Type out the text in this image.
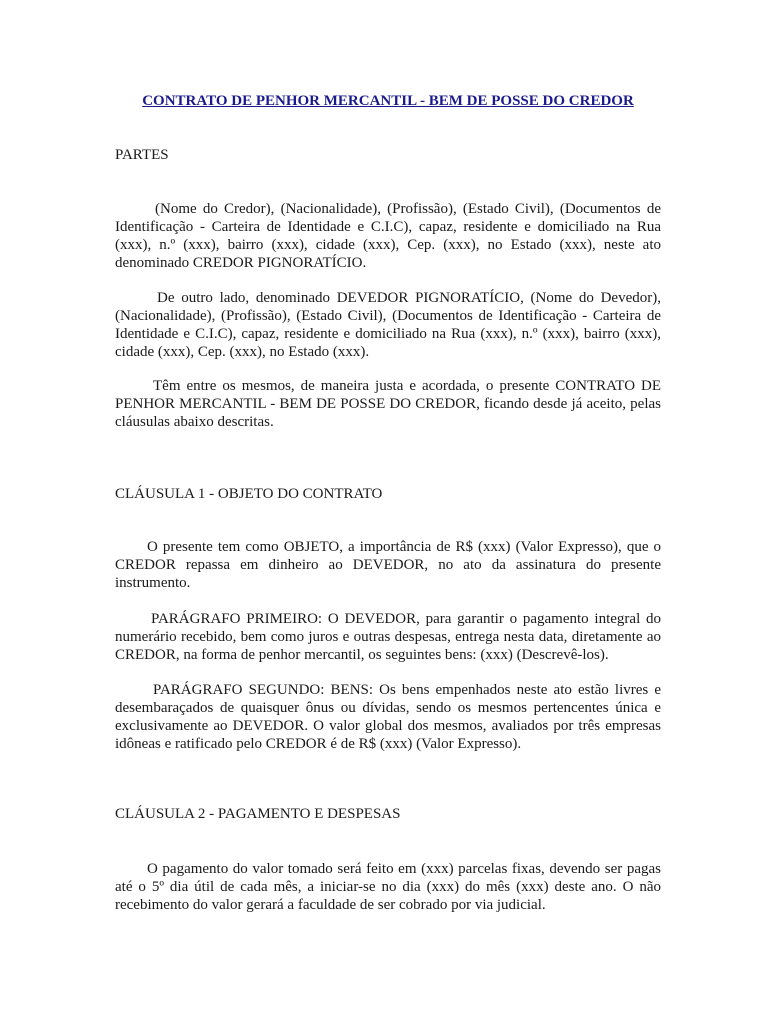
CONTRATO DE PENHOR MERCANTIL - BEM DE POSSE DO CREDOR
PARTES

(Nome do Credor), (Nacionalidade), (Profissão), (Estado Civil), (Documentos de Identificação - Carteira de Identidade e C.I.C), capaz, residente e domiciliado na Rua (xxx), n.º (xxx), bairro (xxx), cidade (xxx), Cep. (xxx), no Estado (xxx), neste ato denominado CREDOR PIGNORATÍCIO.

De outro lado, denominado DEVEDOR PIGNORATÍCIO, (Nome do Devedor), (Nacionalidade), (Profissão), (Estado Civil), (Documentos de Identificação - Carteira de Identidade e C.I.C), capaz, residente e domiciliado na Rua (xxx), n.º (xxx), bairro (xxx), cidade (xxx), Cep. (xxx), no Estado (xxx).

Têm entre os mesmos, de maneira justa e acordada, o presente CONTRATO DE PENHOR MERCANTIL - BEM DE POSSE DO CREDOR, ficando desde já aceito, pelas cláusulas abaixo descritas.

CLÁUSULA 1 - OBJETO DO CONTRATO

O presente tem como OBJETO, a importância de R$ (xxx) (Valor Expresso), que o CREDOR repassa em dinheiro ao DEVEDOR, no ato da assinatura do presente instrumento.

PARÁGRAFO PRIMEIRO: O DEVEDOR, para garantir o pagamento integral do numerário recebido, bem como juros e outras despesas, entrega nesta data, diretamente ao CREDOR, na forma de penhor mercantil, os seguintes bens: (xxx) (Descrevê-los).

PARÁGRAFO SEGUNDO: BENS: Os bens empenhados neste ato estão livres e desembaraçados de quaisquer ônus ou dívidas, sendo os mesmos pertencentes única e exclusivamente ao DEVEDOR. O valor global dos mesmos, avaliados por três empresas idôneas e ratificado pelo CREDOR é de R$ (xxx) (Valor Expresso).

CLÁUSULA 2 - PAGAMENTO E DESPESAS

O pagamento do valor tomado será feito em (xxx) parcelas fixas, devendo ser pagas até o 5º dia útil de cada mês, a iniciar-se no dia (xxx) do mês (xxx) deste ano. O não recebimento do valor gerará a faculdade de ser cobrado por via judicial.
